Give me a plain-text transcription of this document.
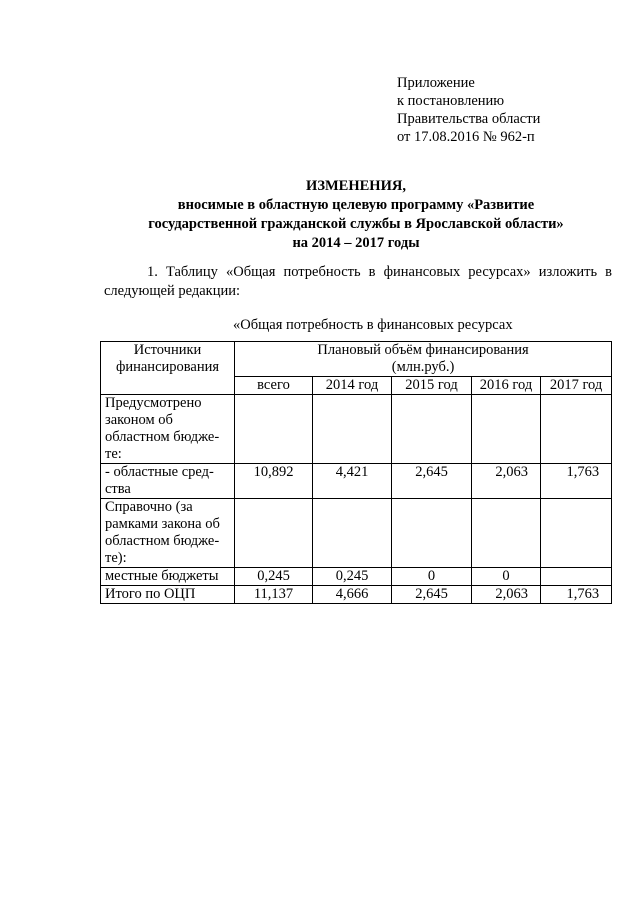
Приложение
к постановлению
Правительства области
от 17.08.2016 № 962-п
ИЗМЕНЕНИЯ,
вносимые в областную целевую программу «Развитие
государственной гражданской службы в Ярославской области»
на 2014 – 2017 годы
1. Таблицу «Общая потребность в финансовых ресурсах» изложить в
следующей редакции:
«Общая потребность в финансовых ресурсах
Источники финансирования	Плановый объём финансирования (млн.руб.)				
	всего	2014 год	2015 год	2016 год	2017 год
Предусмотрено законом об областном бюдже-те:					
- областные сред-ства	10,892	4,421	2,645	2,063	1,763
Справочно (за рамками закона об областном бюдже-те):					
местные бюджеты	0,245	0,245	0	0	
Итого по ОЦП	11,137	4,666	2,645	2,063	1,763
